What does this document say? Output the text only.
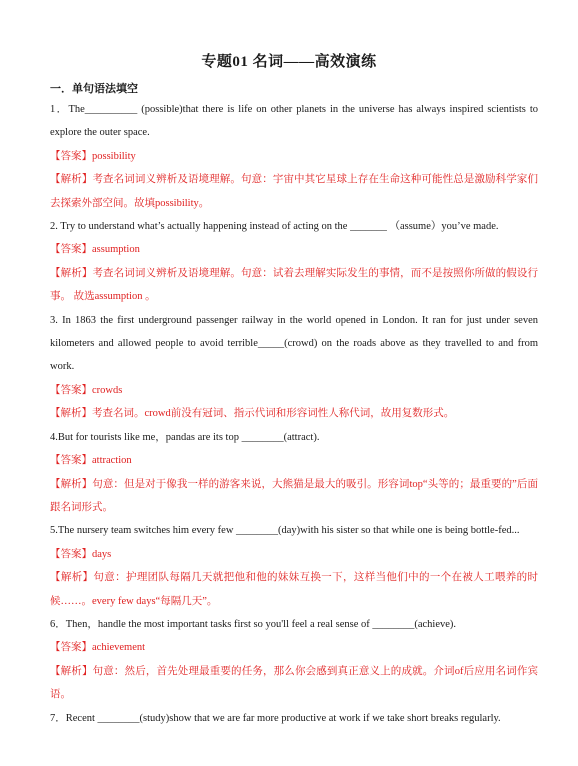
专题01 名词——高效演练
一．单句语法填空

1．The__________ (possible)that there is life on other planets in the universe has always inspired scientists to explore the outer space.

【答案】possibility

【解析】考查名词词义辨析及语境理解。句意：宇宙中其它星球上存在生命这种可能性总是激励科学家们去探索外部空间。故填possibility。

2. Try to understand what’s actually happening instead of acting on the _______ （assume）you’ve made.

【答案】assumption

【解析】考查名词词义辨析及语境理解。句意：试着去理解实际发生的事情，而不是按照你所做的假设行事。 故选assumption 。

3. In 1863 the first underground passenger railway in the world opened in London. It ran for just under seven kilometers and allowed people to avoid terrible_____(crowd) on the roads above as they travelled to and from work.

【答案】crowds

【解析】考查名词。crowd前没有冠词、指示代词和形容词性人称代词，故用复数形式。

4.But for tourists like me，pandas are its top ________(attract).

【答案】attraction

【解析】句意：但是对于像我一样的游客来说，大熊猫是最大的吸引。形容词top“头等的；最重要的”后面跟名词形式。

5.The nursery team switches him every few ________(day)with his sister so that while one is being bottle-fed...

【答案】days

【解析】句意：护理团队每隔几天就把他和他的妹妹互换一下，这样当他们中的一个在被人工喂养的时候……。every few days“每隔几天”。

6．Then，handle the most important tasks first so you'll feel a real sense of ________(achieve).

【答案】achievement

【解析】句意：然后，首先处理最重要的任务，那么你会感到真正意义上的成就。介词of后应用名词作宾语。

7．Recent ________(study)show that we are far more productive at work if we take short breaks regularly.
